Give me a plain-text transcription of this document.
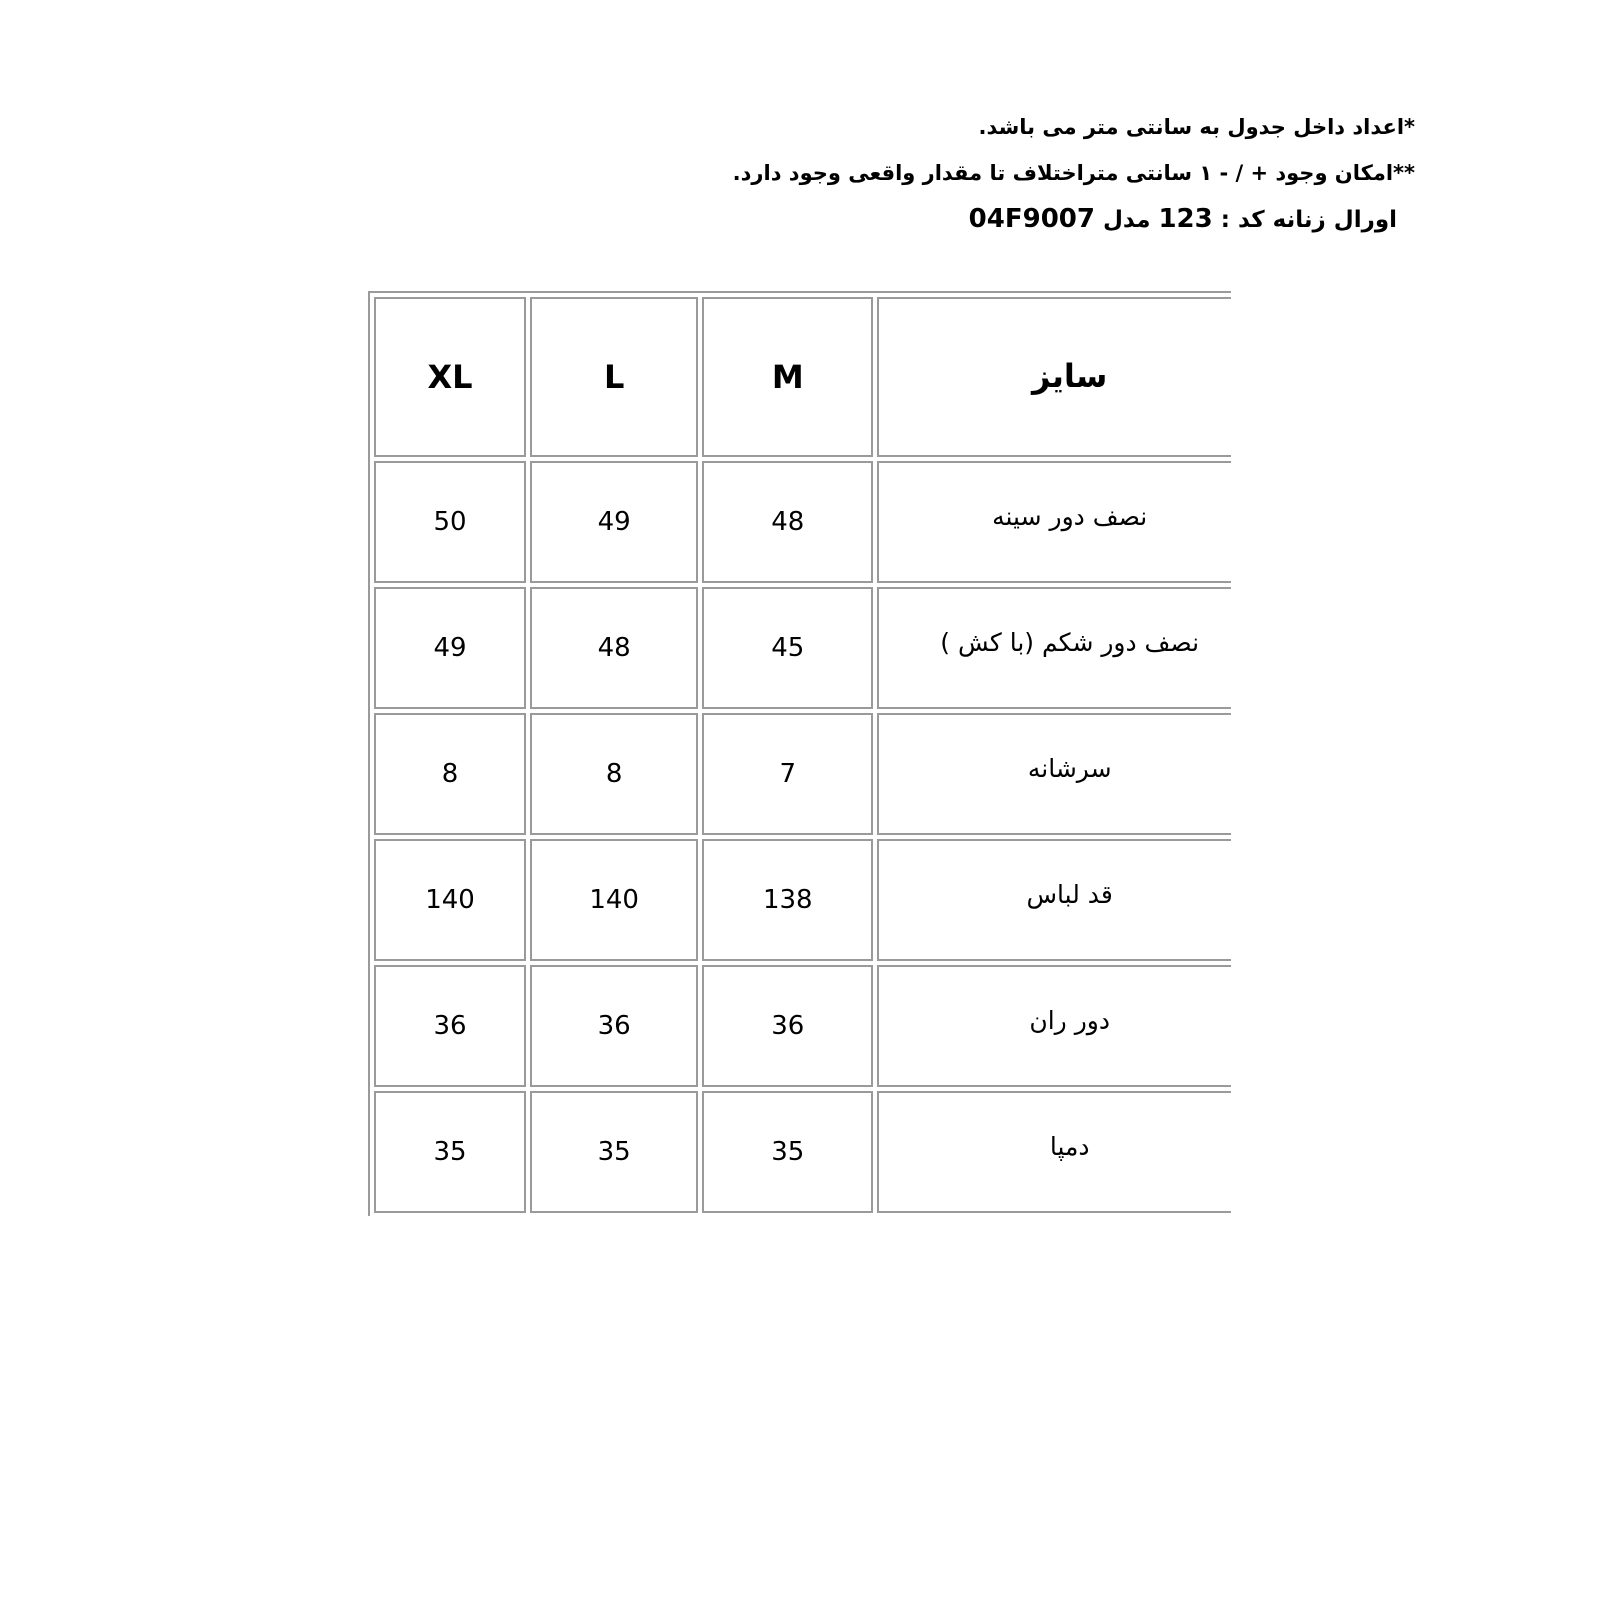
*اعداد داخل جدول به سانتی متر می باشد.
**امکان وجود + / - ۱ سانتی متراختلاف تا مقدار واقعی وجود دارد.
اورال زنانه کد : 123 مدل 04F9007
سایز	M	L	XL
نصف دور سینه	48	49	50
نصف دور شکم (با کش )	45	48	49
سرشانه	7	8	8
قد لباس	138	140	140
دور ران	36	36	36
دمپا	35	35	35
